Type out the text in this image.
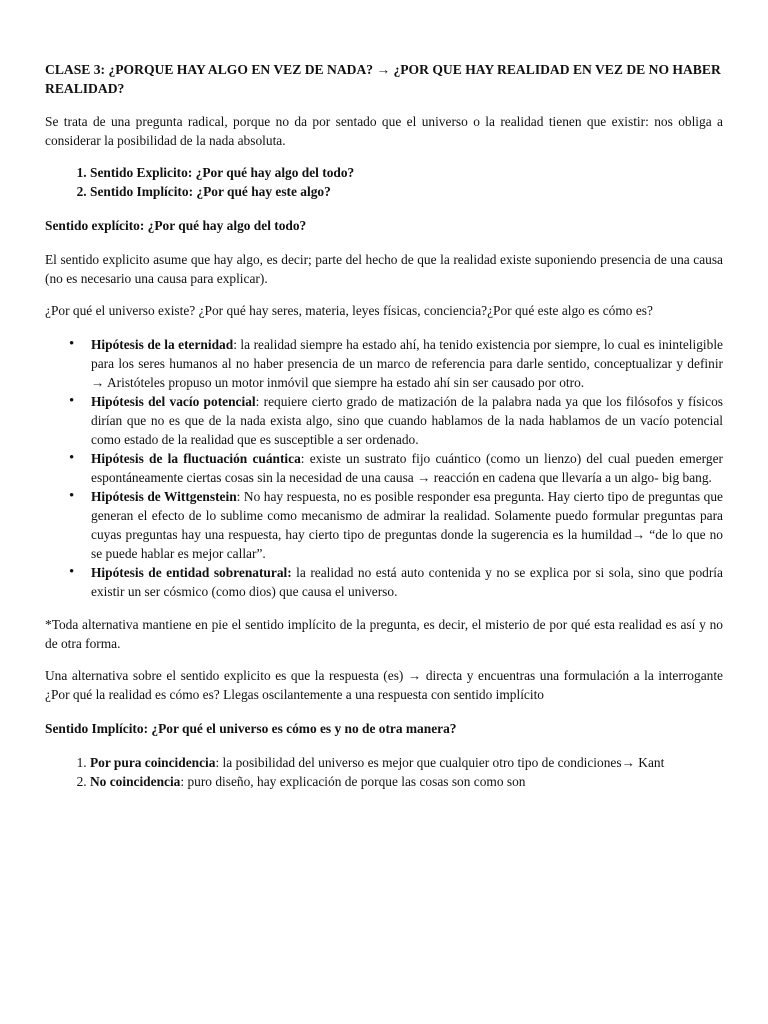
CLASE 3: ¿PORQUE HAY ALGO EN VEZ DE NADA? → ¿POR QUE HAY REALIDAD EN VEZ DE NO HABER REALIDAD?

Se trata de una pregunta radical, porque no da por sentado que el universo o la realidad tienen que existir: nos obliga a considerar la posibilidad de la nada absoluta.

1. Sentido Explicito: ¿Por qué hay algo del todo?
2. Sentido Implícito: ¿Por qué hay este algo?

Sentido explícito: ¿Por qué hay algo del todo?

El sentido explicito asume que hay algo, es decir; parte del hecho de que la realidad existe suponiendo presencia de una causa (no es necesario una causa para explicar).

¿Por qué el universo existe? ¿Por qué hay seres, materia, leyes físicas, conciencia?¿Por qué este algo es cómo es?

• Hipótesis de la eternidad: la realidad siempre ha estado ahí, ha tenido existencia por siempre, lo cual es ininteligible para los seres humanos al no haber presencia de un marco de referencia para darle sentido, conceptualizar y definir → Aristóteles propuso un motor inmóvil que siempre ha estado ahí sin ser causado por otro.
• Hipótesis del vacío potencial: requiere cierto grado de matización de la palabra nada ya que los filósofos y físicos dirían que no es que de la nada exista algo, sino que cuando hablamos de la nada hablamos de un vacío potencial como estado de la realidad que es susceptible a ser ordenado.
• Hipótesis de la fluctuación cuántica: existe un sustrato fijo cuántico (como un lienzo) del cual pueden emerger espontáneamente ciertas cosas sin la necesidad de una causa → reacción en cadena que llevaría a un algo- big bang.
• Hipótesis de Wittgenstein: No hay respuesta, no es posible responder esa pregunta. Hay cierto tipo de preguntas que generan el efecto de lo sublime como mecanismo de admirar la realidad. Solamente puedo formular preguntas para cuyas preguntas hay una respuesta, hay cierto tipo de preguntas donde la sugerencia es la humildad→ “de lo que no se puede hablar es mejor callar”.
• Hipótesis de entidad sobrenatural: la realidad no está auto contenida y no se explica por si sola, sino que podría existir un ser cósmico (como dios) que causa el universo.

*Toda alternativa mantiene en pie el sentido implícito de la pregunta, es decir, el misterio de por qué esta realidad es así y no de otra forma.

Una alternativa sobre el sentido explicito es que la respuesta (es) → directa y encuentras una formulación a la interrogante ¿Por qué la realidad es cómo es? Llegas oscilantemente a una respuesta con sentido implícito

Sentido Implícito: ¿Por qué el universo es cómo es y no de otra manera?

1. Por pura coincidencia: la posibilidad del universo es mejor que cualquier otro tipo de condiciones→ Kant
2. No coincidencia: puro diseño, hay explicación de porque las cosas son como son
